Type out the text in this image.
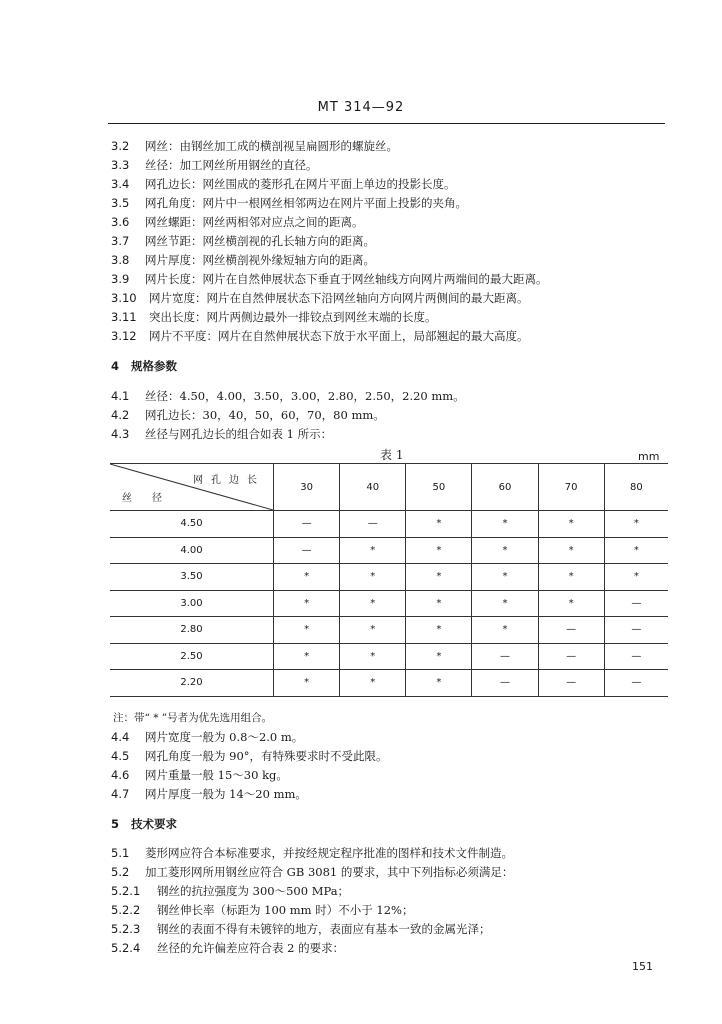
MT 314—92
3.2 网丝：由钢丝加工成的横剖视呈扁圆形的螺旋丝。
3.3 丝径：加工网丝所用钢丝的直径。
3.4 网孔边长：网丝围成的菱形孔在网片平面上单边的投影长度。
3.5 网孔角度：网片中一根网丝相邻两边在网片平面上投影的夹角。
3.6 网丝螺距：网丝两相邻对应点之间的距离。
3.7 网丝节距：网丝横剖视的孔长轴方向的距离。
3.8 网片厚度：网丝横剖视外缘短轴方向的距离。
3.9 网片长度：网片在自然伸展状态下垂直于网丝轴线方向网片两端间的最大距离。
3.10 网片宽度：网片在自然伸展状态下沿网丝轴向方向网片两侧间的最大距离。
3.11 突出长度：网片两侧边最外一排铰点到网丝末端的长度。
3.12 网片不平度：网片在自然伸展状态下放于水平面上，局部翘起的最大高度。
4 规格参数
4.1 丝径：4.50，4.00，3.50，3.00，2.80，2.50，2.20 mm。
4.2 网孔边长：30，40，50，60，70，80 mm。
4.3 丝径与网孔边长的组合如表 1 所示：
表 1	mm
网孔边长
丝径	30	40	50	60	70	80
4.50	—	—	*	*	*	*
4.00	—	*	*	*	*	*
3.50	*	*	*	*	*	*
3.00	*	*	*	*	*	—
2.80	*	*	*	*	—	—
2.50	*	*	*	—	—	—
2.20	*	*	*	—	—	—
注：带“ * ”号者为优先选用组合。
4.4 网片宽度一般为 0.8～2.0 m。
4.5 网孔角度一般为 90°，有特殊要求时不受此限。
4.6 网片重量一般 15～30 kg。
4.7 网片厚度一般为 14～20 mm。
5 技术要求
5.1 菱形网应符合本标准要求，并按经规定程序批准的图样和技术文件制造。
5.2 加工菱形网所用钢丝应符合 GB 3081 的要求，其中下列指标必须满足：
5.2.1 钢丝的抗拉强度为 300～500 MPa；
5.2.2 钢丝伸长率（标距为 100 mm 时）不小于 12%；
5.2.3 钢丝的表面不得有未镀锌的地方，表面应有基本一致的金属光泽；
5.2.4 丝径的允许偏差应符合表 2 的要求：
151
